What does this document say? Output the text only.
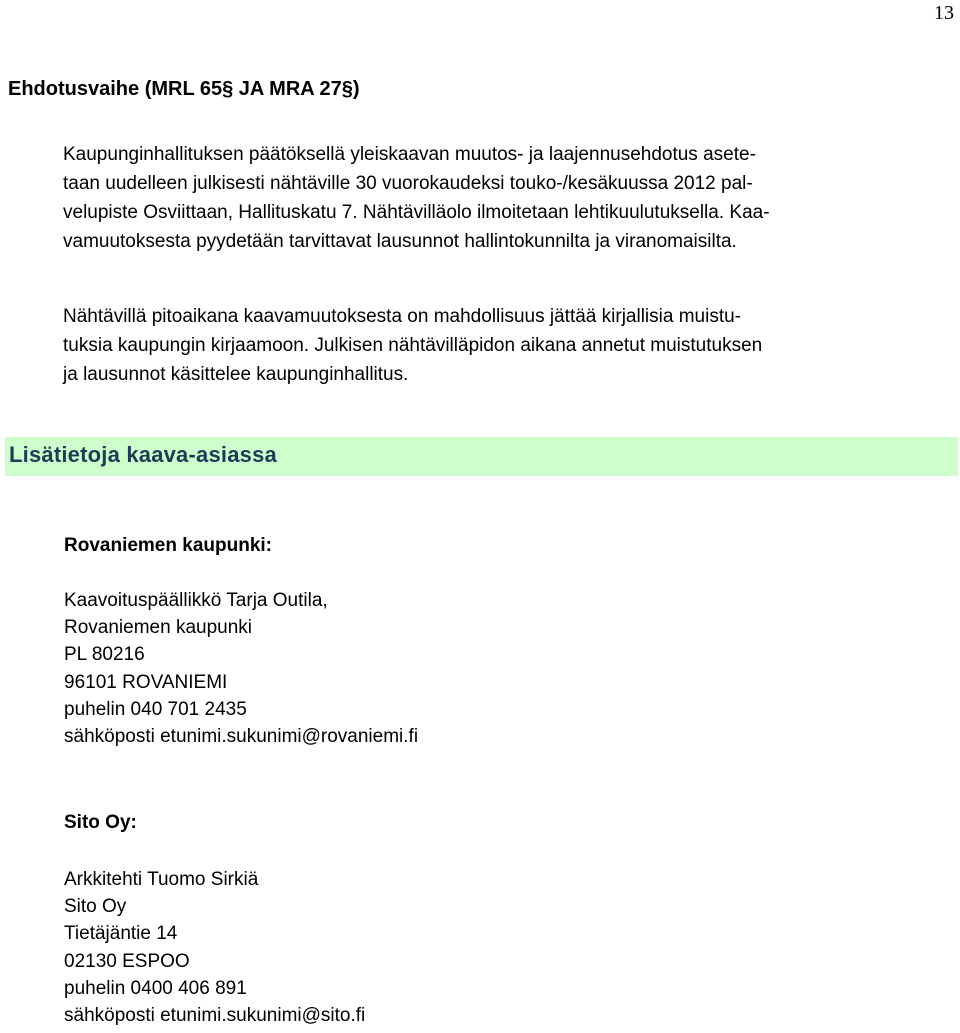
13
Ehdotusvaihe (MRL 65§ JA MRA 27§)

Kaupunginhallituksen päätöksellä yleiskaavan muutos- ja laajennusehdotus asete-
taan uudelleen julkisesti nähtäville 30 vuorokaudeksi touko-/kesäkuussa 2012 pal-
velupiste Osviittaan, Hallituskatu 7. Nähtävilläolo ilmoitetaan lehtikuulutuksella. Kaa-
vamuutoksesta pyydetään tarvittavat lausunnot hallintokunnilta ja viranomaisilta.

Nähtävillä pitoaikana kaavamuutoksesta on mahdollisuus jättää kirjallisia muistu-
tuksia kaupungin kirjaamoon. Julkisen nähtävilläpidon aikana annetut muistutuksen
ja lausunnot käsittelee kaupunginhallitus.

Lisätietoja kaava-asiassa
Rovaniemen kaupunki:
Kaavoituspäällikkö Tarja Outila,
Rovaniemen kaupunki
PL 80216
96101 ROVANIEMI
puhelin 040 701 2435
sähköposti etunimi.sukunimi@rovaniemi.fi
Sito Oy:
Arkkitehti Tuomo Sirkiä
Sito Oy
Tietäjäntie 14
02130 ESPOO
puhelin 0400 406 891
sähköposti etunimi.sukunimi@sito.fi
